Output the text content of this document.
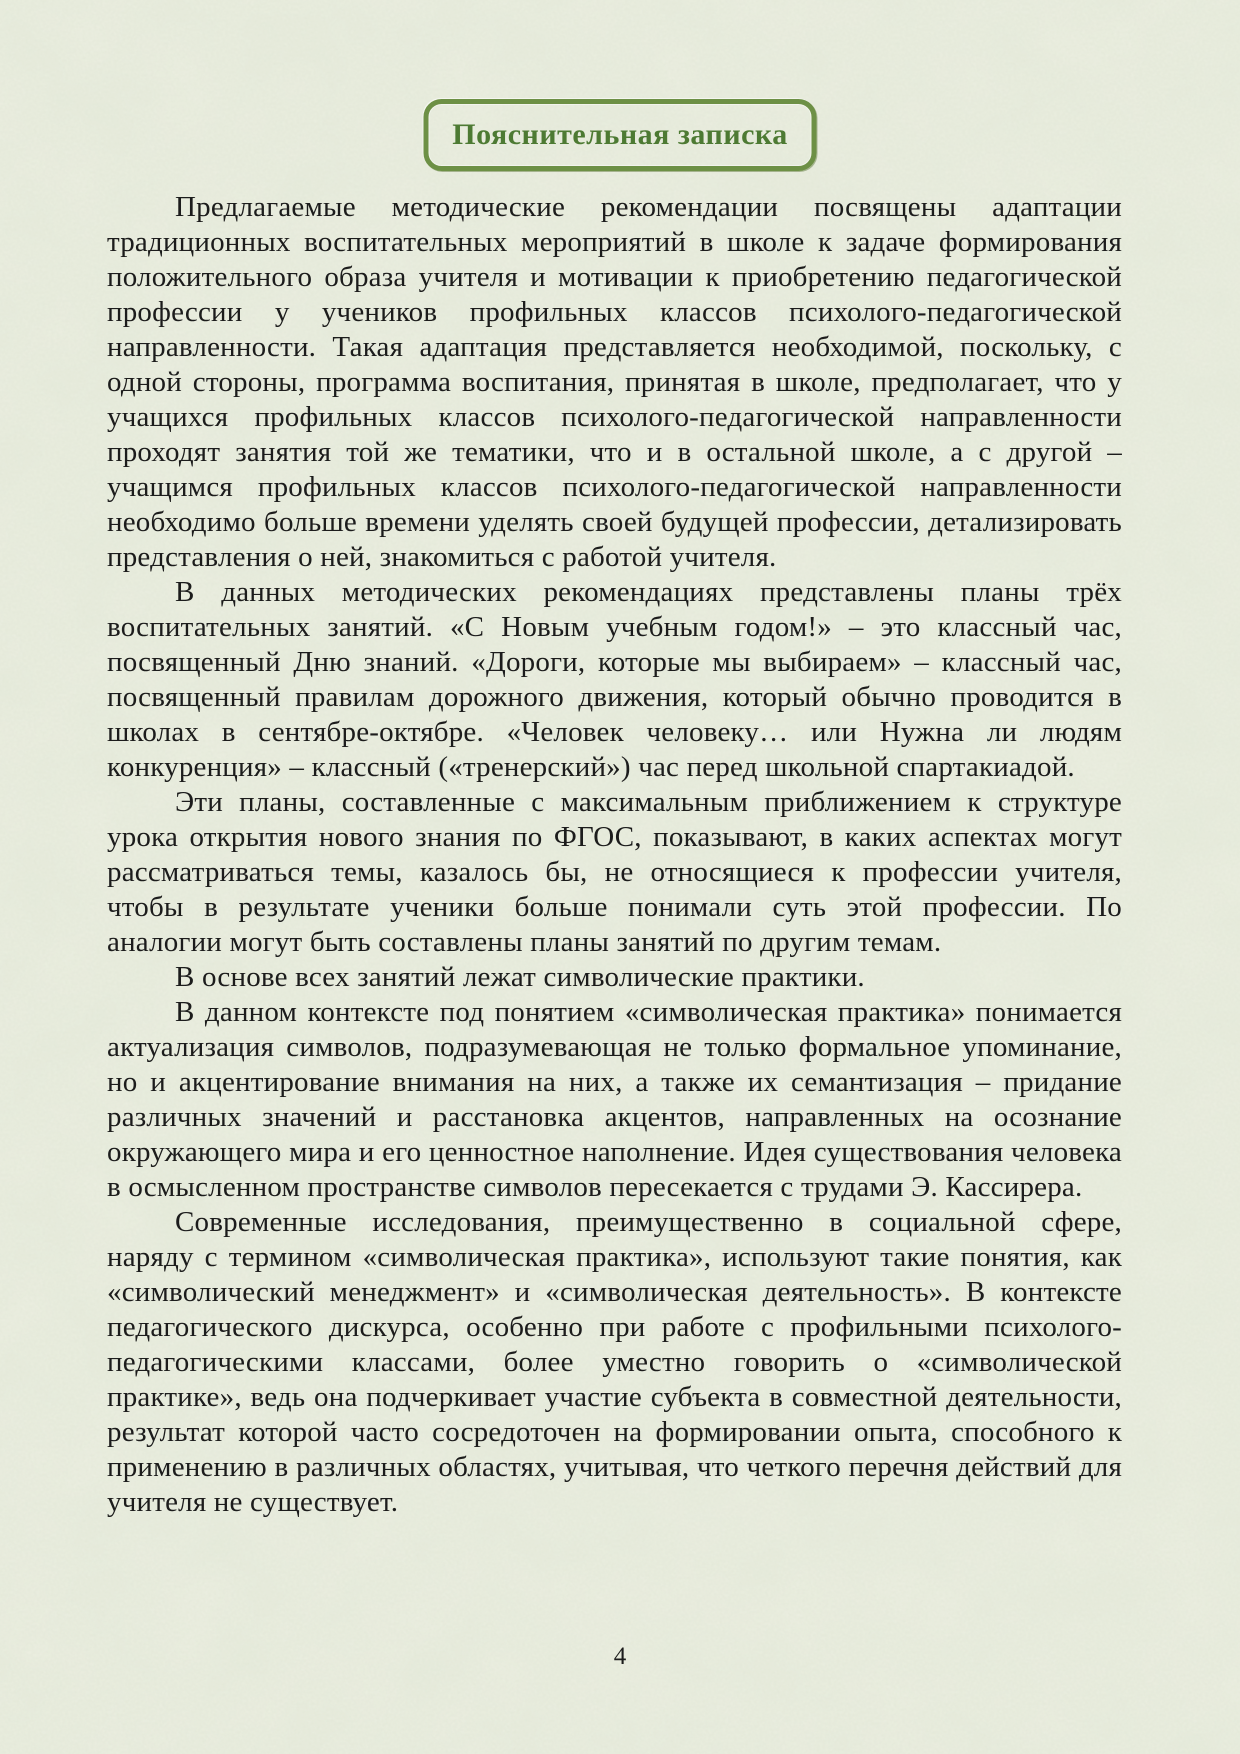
Пояснительная записка

Предлагаемые методические рекомендации посвящены адаптации традиционных воспитательных мероприятий в школе к задаче формирования положительного образа учителя и мотивации к приобретению педагогической профессии у учеников профильных классов психолого-педагогической направленности. Такая адаптация представляется необходимой, поскольку, с одной стороны, программа воспитания, принятая в школе, предполагает, что у учащихся профильных классов психолого-педагогической направленности проходят занятия той же тематики, что и в остальной школе, а с другой – учащимся профильных классов психолого-педагогической направленности необходимо больше времени уделять своей будущей профессии, детализировать представления о ней, знакомиться с работой учителя.

В данных методических рекомендациях представлены планы трёх воспитательных занятий. «С Новым учебным годом!» – это классный час, посвященный Дню знаний. «Дороги, которые мы выбираем» – классный час, посвященный правилам дорожного движения, который обычно проводится в школах в сентябре-октябре. «Человек человеку… или Нужна ли людям конкуренция» – классный («тренерский») час перед школьной спартакиадой.

Эти планы, составленные с максимальным приближением к структуре урока открытия нового знания по ФГОС, показывают, в каких аспектах могут рассматриваться темы, казалось бы, не относящиеся к профессии учителя, чтобы в результате ученики больше понимали суть этой профессии. По аналогии могут быть составлены планы занятий по другим темам.

В основе всех занятий лежат символические практики.

В данном контексте под понятием «символическая практика» понимается актуализация символов, подразумевающая не только формальное упоминание, но и акцентирование внимания на них, а также их семантизация – придание различных значений и расстановка акцентов, направленных на осознание окружающего мира и его ценностное наполнение. Идея существования человека в осмысленном пространстве символов пересекается с трудами Э. Кассирера.

Современные исследования, преимущественно в социальной сфере, наряду с термином «символическая практика», используют такие понятия, как «символический менеджмент» и «символическая деятельность». В контексте педагогического дискурса, особенно при работе с профильными психолого-педагогическими классами, более уместно говорить о «символической практике», ведь она подчеркивает участие субъекта в совместной деятельности, результат которой часто сосредоточен на формировании опыта, способного к применению в различных областях, учитывая, что четкого перечня действий для учителя не существует.

4
